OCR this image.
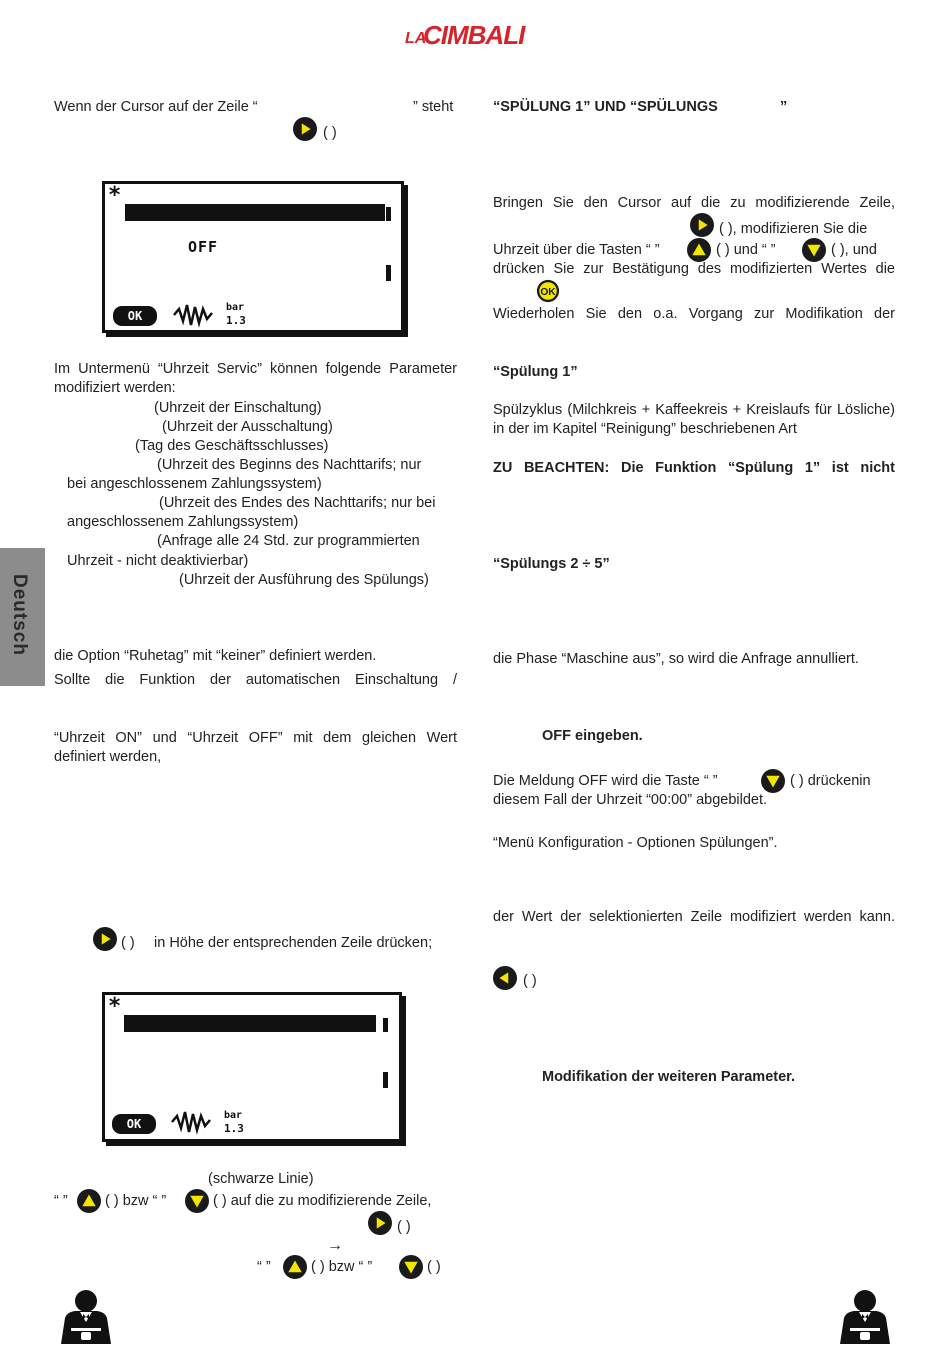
LA
CIMBALI
Deutsch
Wenn der Cursor auf der Zeile “	” steht
( )
*
OFF
OK
bar
1.3
Im Untermenü “Uhrzeit Servic” können folgende Parameter modifiziert werden:
(Uhrzeit der Einschaltung)
(Uhrzeit der Ausschaltung)
(Tag des Geschäftsschlusses)
(Uhrzeit des Beginns des Nachttarifs; nur
bei angeschlossenem Zahlungssystem)
(Uhrzeit des Endes des Nachttarifs; nur bei
angeschlossenem Zahlungssystem)
(Anfrage alle 24 Std. zur programmierten
Uhrzeit - nicht deaktivierbar)
(Uhrzeit der Ausführung des Spülungs)
die Option “Ruhetag” mit “keiner” definiert werden.
Sollte die Funktion der automatischen Einschaltung /
“Uhrzeit ON” und “Uhrzeit OFF” mit dem gleichen Wert definiert werden,
( ) in Höhe der entsprechenden Zeile drücken;
*
OK
bar
1.3
(schwarze Linie)
“ ”	( ) bzw “ ”	( ) auf die zu modifizierende Zeile,
( )
→
“ ”	( ) bzw “ ”	( )
“SPÜLUNG 1” UND “SPÜLUNGS	”
Bringen Sie den Cursor auf die zu modifizierende Zeile,
( ), modifizieren Sie die
Uhrzeit über die Tasten “ ”	( ) und “ ”	( ), und
drücken Sie zur Bestätigung des modifizierten Wertes die
Wiederholen Sie den o.a. Vorgang zur Modifikation der
“Spülung 1”
Spülzyklus (Milchkreis + Kaffeekreis + Kreislaufs für Lösliche) in der im Kapitel “Reinigung” beschriebenen Art
ZU BEACHTEN: Die Funktion “Spülung 1” ist nicht
“Spülungs 2 ÷ 5”
die Phase “Maschine aus”, so wird die Anfrage annulliert.
OFF eingeben.
Die Meldung OFF wird die Taste “ ”	( ) drückenin
diesem Fall der Uhrzeit “00:00” abgebildet.
“Menü Konfiguration - Optionen Spülungen”.
der Wert der selektionierten Zeile modifiziert werden kann.
( )
Modifikation der weiteren Parameter.
